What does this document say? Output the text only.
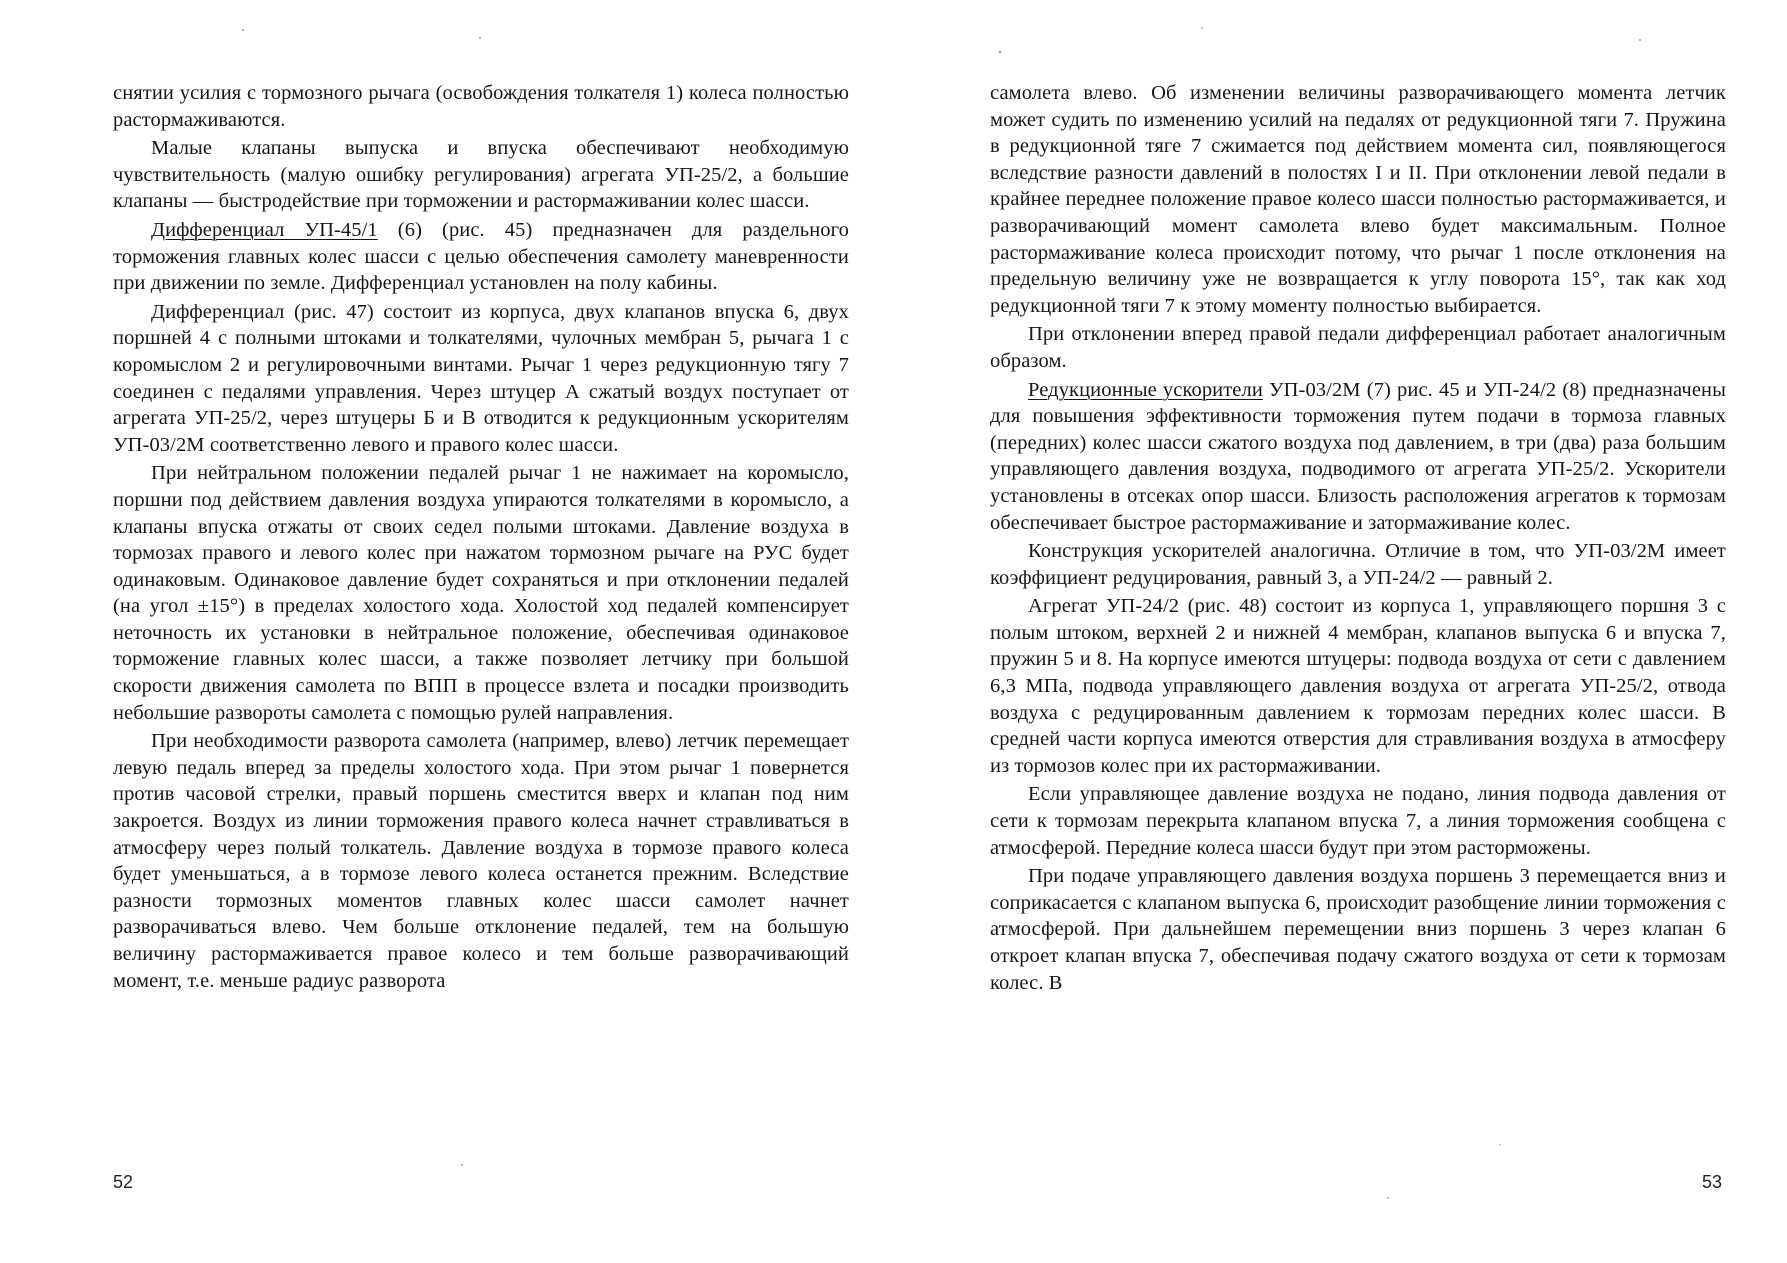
снятии усилия с тормозного рычага (освобождения толкателя 1) колеса полностью растормаживаются.

Малые клапаны выпуска и впуска обеспечивают необходимую чувствительность (малую ошибку регулирования) агрегата УП-25/2, а большие клапаны — быстродействие при торможении и растормаживании колес шасси.

Дифференциал УП-45/1 (6) (рис. 45) предназначен для раздельного торможения главных колес шасси с целью обеспечения самолету маневренности при движении по земле. Дифференциал установлен на полу кабины.

Дифференциал (рис. 47) состоит из корпуса, двух клапанов впуска 6, двух поршней 4 с полными штоками и толкателями, чулочных мембран 5, рычага 1 с коромыслом 2 и регулировочными винтами. Рычаг 1 через редукционную тягу 7 соединен с педалями управления. Через штуцер А сжатый воздух поступает от агрегата УП-25/2, через штуцеры Б и В отводится к редукционным ускорителям УП-03/2М соответственно левого и правого колес шасси.

При нейтральном положении педалей рычаг 1 не нажимает на коромысло, поршни под действием давления воздуха упираются толкателями в коромысло, а клапаны впуска отжаты от своих седел полыми штоками. Давление воздуха в тормозах правого и левого колес при нажатом тормозном рычаге на РУС будет одинаковым. Одинаковое давление будет сохраняться и при отклонении педалей (на угол ±15°) в пределах холостого хода. Холостой ход педалей компенсирует неточность их установки в нейтральное положение, обеспечивая одинаковое торможение главных колес шасси, а также позволяет летчику при большой скорости движения самолета по ВПП в процессе взлета и посадки производить небольшие развороты самолета с помощью рулей направления.

При необходимости разворота самолета (например, влево) летчик перемещает левую педаль вперед за пределы холостого хода. При этом рычаг 1 повернется против часовой стрелки, правый поршень сместится вверх и клапан под ним закроется. Воздух из линии торможения правого колеса начнет стравливаться в атмосферу через полый толкатель. Давление воздуха в тормозе правого колеса будет уменьшаться, а в тормозе левого колеса останется прежним. Вследствие разности тормозных моментов главных колес шасси самолет начнет разворачиваться влево. Чем больше отклонение педалей, тем на большую величину растормаживается правое колесо и тем больше разворачивающий момент, т.е. меньше радиус разворота

52

самолета влево. Об изменении величины разворачивающего момента летчик может судить по изменению усилий на педалях от редукционной тяги 7. Пружина в редукционной тяге 7 сжимается под действием момента сил, появляющегося вследствие разности давлений в полостях I и II. При отклонении левой педали в крайнее переднее положение правое колесо шасси полностью растормаживается, и разворачивающий момент самолета влево будет максимальным. Полное растормаживание колеса происходит потому, что рычаг 1 после отклонения на предельную величину уже не возвращается к углу поворота 15°, так как ход редукционной тяги 7 к этому моменту полностью выбирается.

При отклонении вперед правой педали дифференциал работает аналогичным образом.

Редукционные ускорители УП-03/2М (7) рис. 45 и УП-24/2 (8) предназначены для повышения эффективности торможения путем подачи в тормоза главных (передних) колес шасси сжатого воздуха под давлением, в три (два) раза большим управляющего давления воздуха, подводимого от агрегата УП-25/2. Ускорители установлены в отсеках опор шасси. Близость расположения агрегатов к тормозам обеспечивает быстрое растормаживание и затормаживание колес.

Конструкция ускорителей аналогична. Отличие в том, что УП-03/2М имеет коэффициент редуцирования, равный 3, а УП-24/2 — равный 2.

Агрегат УП-24/2 (рис. 48) состоит из корпуса 1, управляющего поршня 3 с полым штоком, верхней 2 и нижней 4 мембран, клапанов выпуска 6 и впуска 7, пружин 5 и 8. На корпусе имеются штуцеры: подвода воздуха от сети с давлением 6,3 МПа, подвода управляющего давления воздуха от агрегата УП-25/2, отвода воздуха с редуцированным давлением к тормозам передних колес шасси. В средней части корпуса имеются отверстия для стравливания воздуха в атмосферу из тормозов колес при их растормаживании.

Если управляющее давление воздуха не подано, линия подвода давления от сети к тормозам перекрыта клапаном впуска 7, а линия торможения сообщена с атмосферой. Передние колеса шасси будут при этом расторможены.

При подаче управляющего давления воздуха поршень 3 перемещается вниз и соприкасается с клапаном выпуска 6, происходит разобщение линии торможения с атмосферой. При дальнейшем перемещении вниз поршень 3 через клапан 6 откроет клапан впуска 7, обеспечивая подачу сжатого воздуха от сети к тормозам колес. В

53
